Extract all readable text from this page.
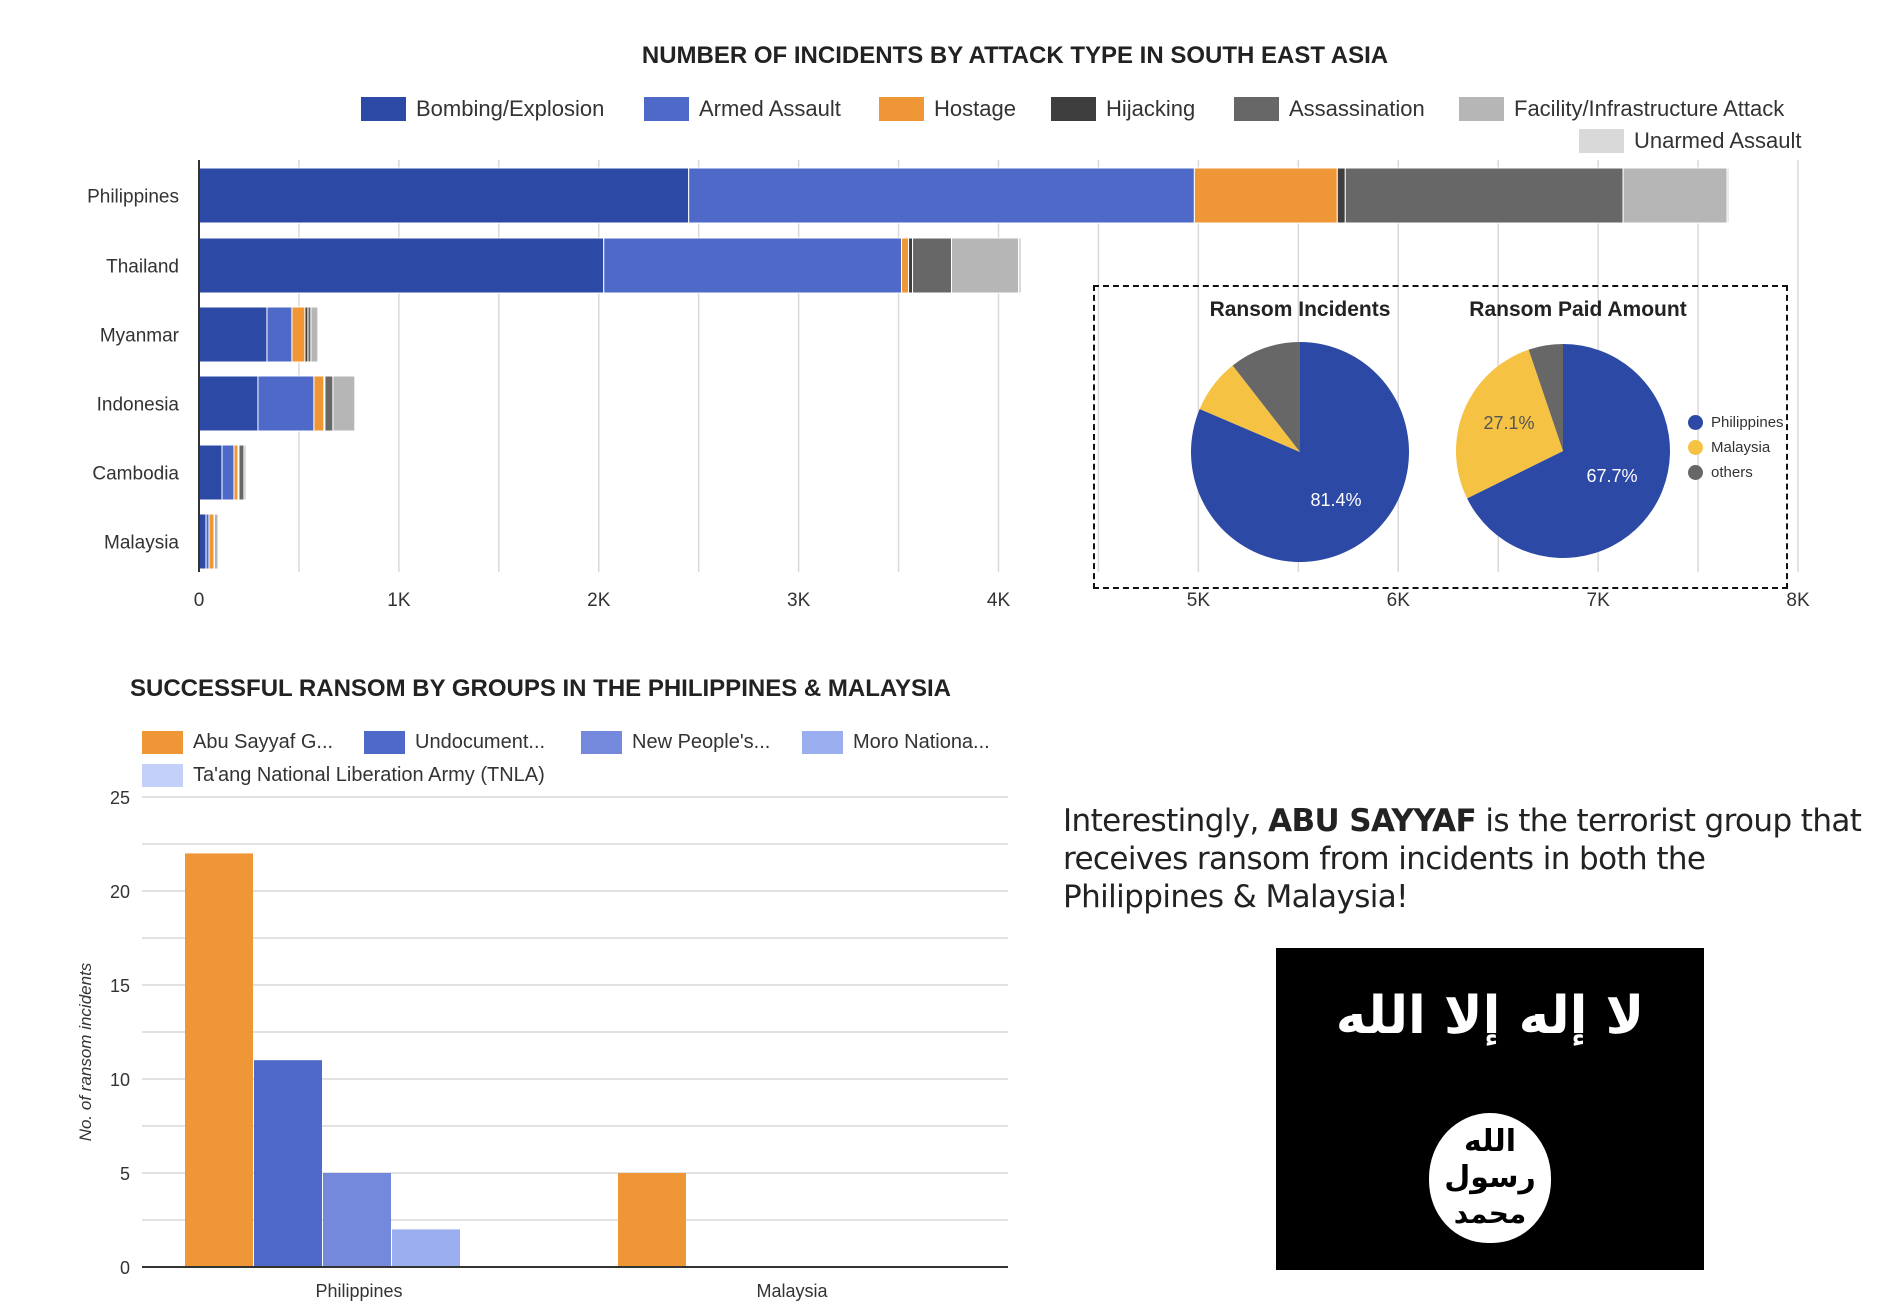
NUMBER OF INCIDENTS BY ATTACK TYPE IN SOUTH EAST ASIA
Bombing/Explosion	Armed Assault	Hostage	Hijacking	Assassination	Facility/Infrastructure Attack
Unarmed Assault
Philippines
Thailand
Myanmar
Indonesia
Cambodia
Malaysia
0	1K	2K	3K	4K	5K	6K	7K	8K
Ransom Incidents	Ransom Paid Amount
81.4%
67.7%
27.1%	Philippines
Malaysia
others
SUCCESSFUL RANSOM BY GROUPS IN THE PHILIPPINES & MALAYSIA
Abu Sayyaf G...	Undocument...	New People's...	Moro Nationa...
Ta'ang National Liberation Army (TNLA)
0
5
10
15
20
25
Philippines	Malaysia
No. of ransom incidents
Interestingly, ABU SAYYAF is the terrorist group that receives ransom from incidents in both the Philippines & Malaysia!
لا إله إلا الله
الله
رسول
محمد
